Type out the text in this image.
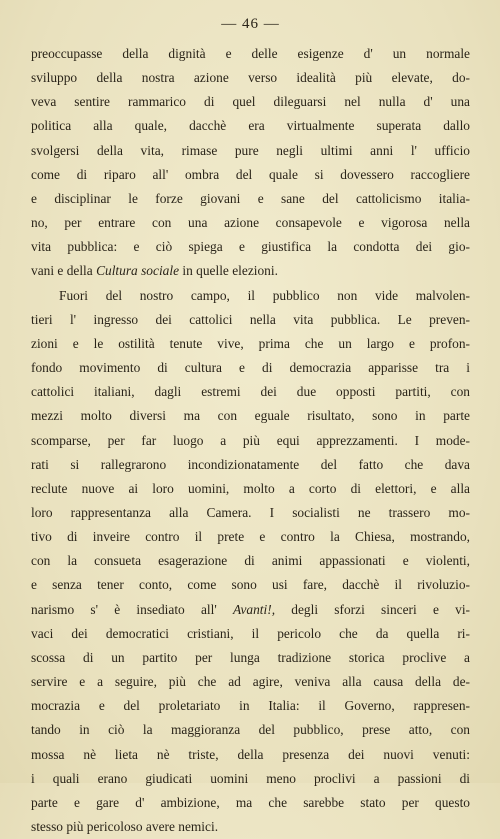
— 46 —

preoccupasse della dignità e delle esigenze d' un normale
sviluppo della nostra azione verso idealità più elevate, do-
veva sentire rammarico di quel dileguarsi nel nulla d' una
politica alla quale, dacchè era virtualmente superata dallo
svolgersi della vita, rimase pure negli ultimi anni l' ufficio
come di riparo all' ombra del quale si dovessero raccogliere
e disciplinar le forze giovani e sane del cattolicismo italia-
no, per entrare con una azione consapevole e vigorosa nella
vita pubblica: e ciò spiega e giustifica la condotta dei gio-
vani e della Cultura sociale in quelle elezioni.

Fuori del nostro campo, il pubblico non vide malvolen-
tieri l' ingresso dei cattolici nella vita pubblica. Le preven-
zioni e le ostilità tenute vive, prima che un largo e profon-
fondo movimento di cultura e di democrazia apparisse tra i
cattolici italiani, dagli estremi dei due opposti partiti, con
mezzi molto diversi ma con eguale risultato, sono in parte
scomparse, per far luogo a più equi apprezzamenti. I mode-
rati si rallegrarono incondizionatamente del fatto che dava
reclute nuove ai loro uomini, molto a corto di elettori, e alla
loro rappresentanza alla Camera. I socialisti ne trassero mo-
tivo di inveire contro il prete e contro la Chiesa, mostrando,
con la consueta esagerazione di animi appassionati e violenti,
e senza tener conto, come sono usi fare, dacchè il rivoluzio-
narismo s' è insediato all' Avanti!, degli sforzi sinceri e vi-
vaci dei democratici cristiani, il pericolo che da quella ri-
scossa di un partito per lunga tradizione storica proclive a
servire e a seguire, più che ad agire, veniva alla causa della de-
mocrazia e del proletariato in Italia: il Governo, rappresen-
tando in ciò la maggioranza del pubblico, prese atto, con
mossa nè lieta nè triste, della presenza dei nuovi venuti:
i quali erano giudicati uomini meno proclivi a passioni di
parte e gare d' ambizione, ma che sarebbe stato per questo
stesso più pericoloso avere nemici.
